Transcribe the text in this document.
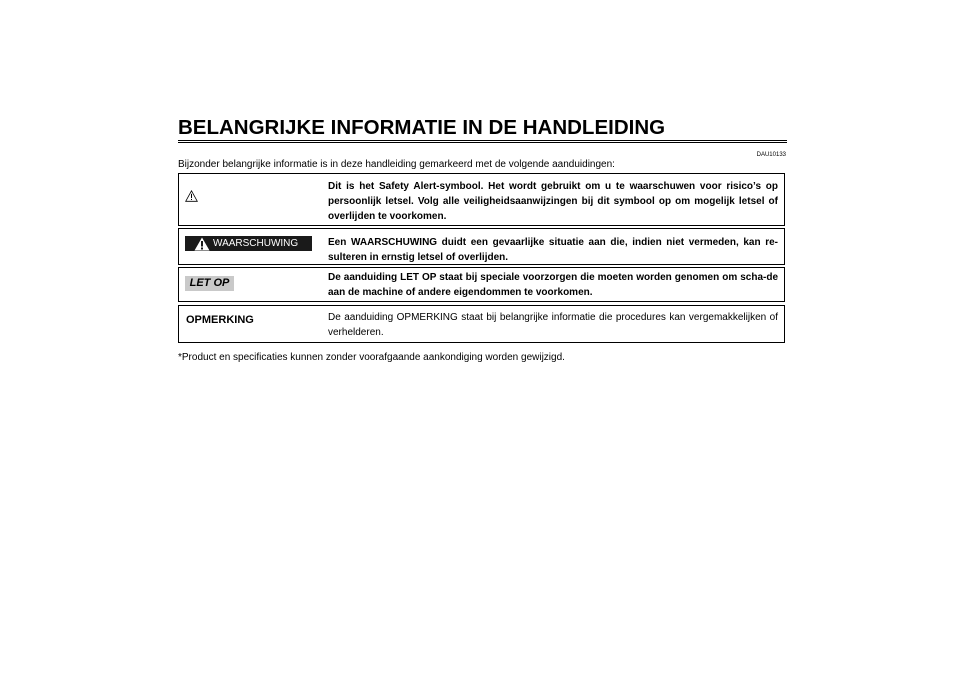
BELANGRIJKE INFORMATIE IN DE HANDLEIDING
DAU10133
Bijzonder belangrijke informatie is in deze handleiding gemarkeerd met de volgende aanduidingen:
Dit is het Safety Alert-symbool. Het wordt gebruikt om u te waarschuwen voor risico’s op persoonlijk letsel. Volg alle veiligheidsaanwijzingen bij dit symbool op om mogelijk letsel of overlijden te voorkomen.
WAARSCHUWING	Een WAARSCHUWING duidt een gevaarlijke situatie aan die, indien niet vermeden, kan re-sulteren in ernstig letsel of overlijden.
LET OP	De aanduiding LET OP staat bij speciale voorzorgen die moeten worden genomen om scha-de aan de machine of andere eigendommen te voorkomen.
OPMERKING	De aanduiding OPMERKING staat bij belangrijke informatie die procedures kan vergemakkelijken of verhelderen.
*Product en specificaties kunnen zonder voorafgaande aankondiging worden gewijzigd.
